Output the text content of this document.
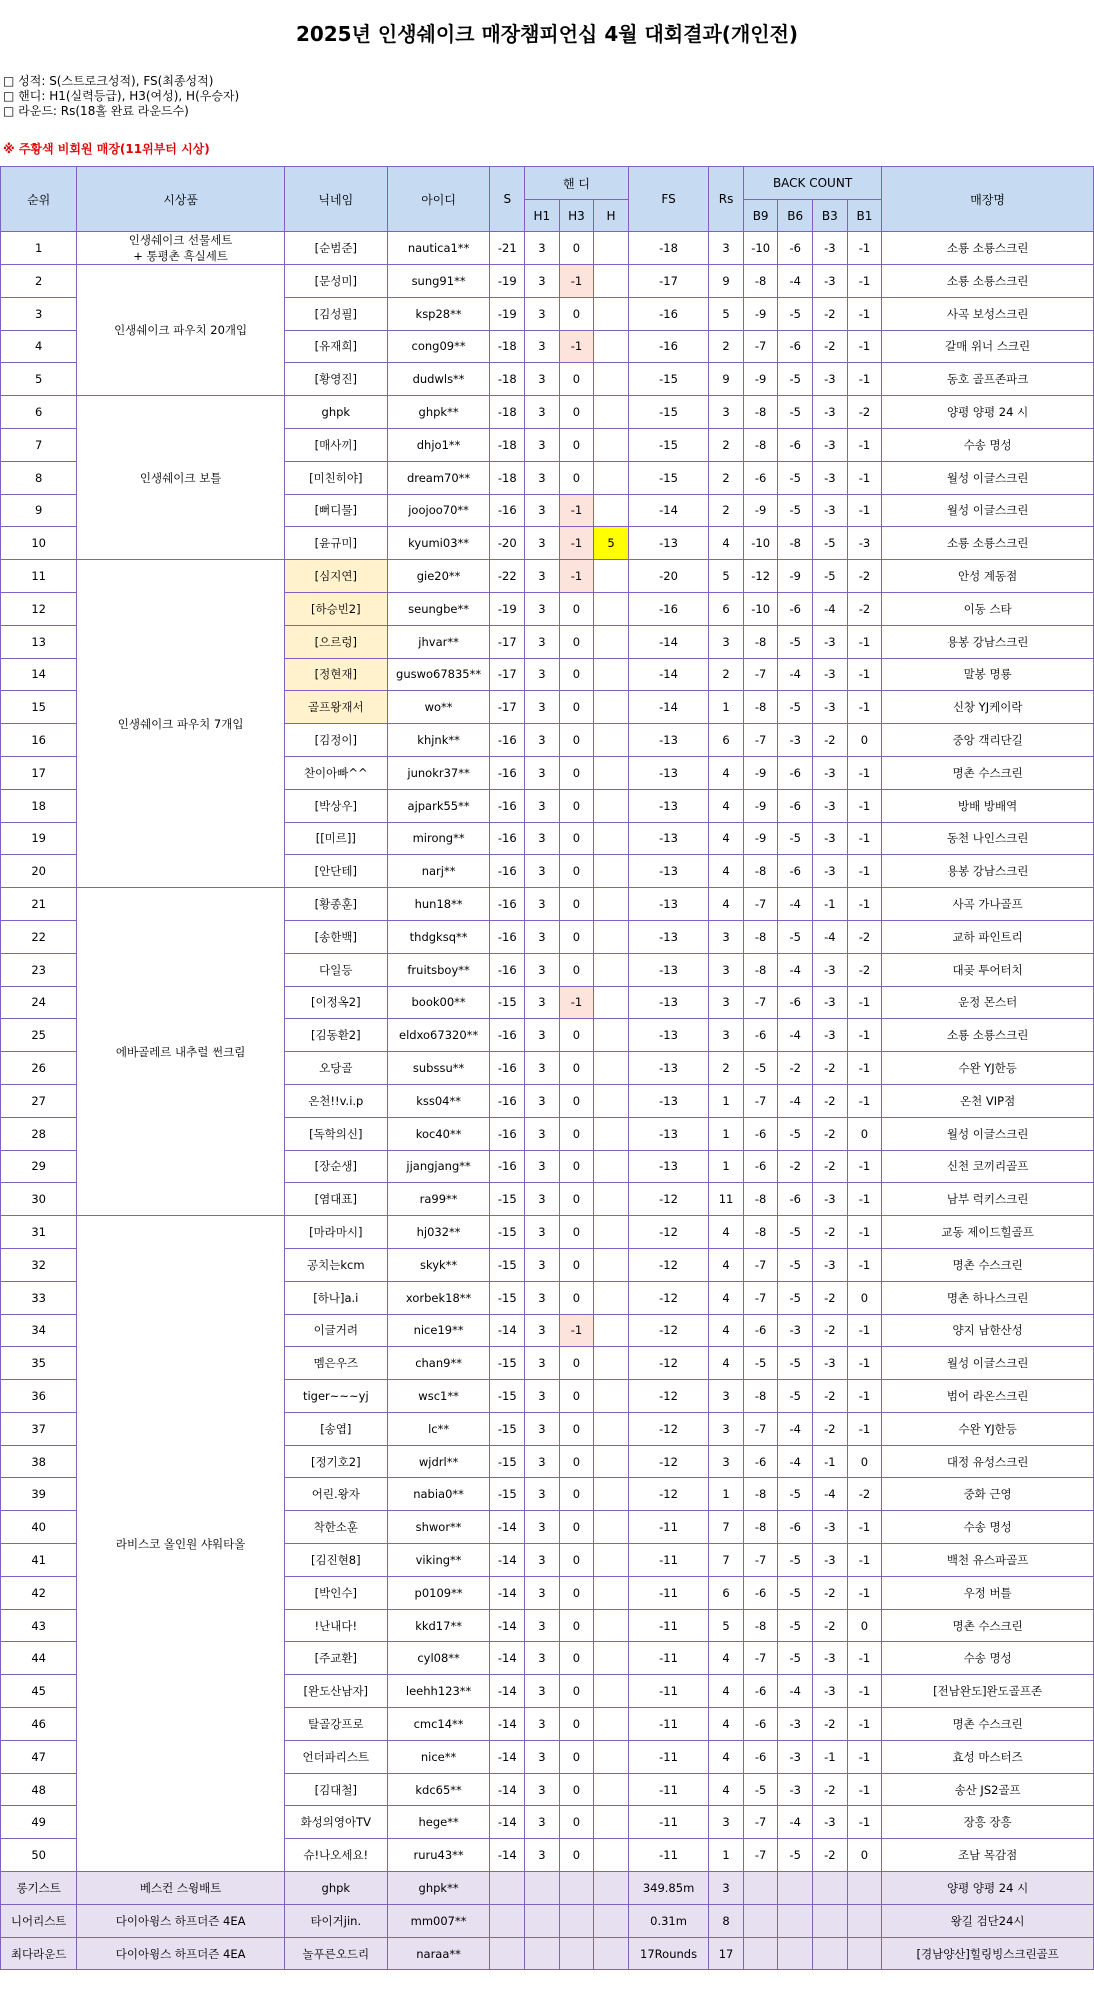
2025년 인생쉐이크 매장챔피언십 4월 대회결과(개인전)
□ 성적: S(스트로크성적), FS(최종성적)
□ 핸디: H1(실력등급), H3(여성), H(우승자)
□ 라운드: Rs(18홀 완료 라운드수)
※ 주황색 비회원 매장(11위부터 시상)
순위	시상품	닉네임	아이디	S	핸 디			FS	Rs	BACK COUNT				매장명
					H1	H3	H			B9	B6	B3	B1	
1	인생쉐이크 선물세트
+ 통평촌 흑실세트	[순범준]	nautica1**	-21	3	0		-18	3	-10	-6	-3	-1	소룡 소룡스크린
2	인생쉐이크 파우치 20개입	[문성미]	sung91**	-19	3	-1		-17	9	-8	-4	-3	-1	소룡 소룡스크린
3		[김성필]	ksp28**	-19	3	0		-16	5	-9	-5	-2	-1	사곡 보성스크린
4		[유재희]	cong09**	-18	3	-1		-16	2	-7	-6	-2	-1	갈매 위너 스크린
5		[황영진]	dudwls**	-18	3	0		-15	9	-9	-5	-3	-1	동호 골프존파크
6	인생쉐이크 보틀	ghpk	ghpk**	-18	3	0		-15	3	-8	-5	-3	-2	양평 양평 24 시
7		[매사끼]	dhjo1**	-18	3	0		-15	2	-8	-6	-3	-1	수송 명성
8		[미친히야]	dream70**	-18	3	0		-15	2	-6	-5	-3	-1	월성 이글스크린
9		[뻐디물]	joojoo70**	-16	3	-1		-14	2	-9	-5	-3	-1	월성 이글스크린
10		[윤규미]	kyumi03**	-20	3	-1	5	-13	4	-10	-8	-5	-3	소룡 소룡스크린
11	인생쉐이크 파우치 7개입	[심지연]	gie20**	-22	3	-1		-20	5	-12	-9	-5	-2	안성 계동점
12		[하승빈2]	seungbe**	-19	3	0		-16	6	-10	-6	-4	-2	이동 스타
13		[으르렁]	jhvar**	-17	3	0		-14	3	-8	-5	-3	-1	용봉 강남스크린
14		[정현재]	guswo67835**	-17	3	0		-14	2	-7	-4	-3	-1	말봉 명룡
15		골프왕재서	wo**	-17	3	0		-14	1	-8	-5	-3	-1	신창 YJ케이락
16		[김정이]	khjnk**	-16	3	0		-13	6	-7	-3	-2	0	중앙 객리단길
17		찬이아빠^^	junokr37**	-16	3	0		-13	4	-9	-6	-3	-1	명촌 수스크린
18		[박상우]	ajpark55**	-16	3	0		-13	4	-9	-6	-3	-1	방배 방배역
19		[[미르]]	mirong**	-16	3	0		-13	4	-9	-5	-3	-1	동천 나인스크린
20		[안단테]	narj**	-16	3	0		-13	4	-8	-6	-3	-1	용봉 강남스크린
21	에바골레르 내추럴 썬크림	[황종훈]	hun18**	-16	3	0		-13	4	-7	-4	-1	-1	사곡 가나골프
22		[송한백]	thdgksq**	-16	3	0		-13	3	-8	-5	-4	-2	교하 파인트리
23		다일등	fruitsboy**	-16	3	0		-13	3	-8	-4	-3	-2	대곶 투어터치
24		[이정옥2]	book00**	-15	3	-1		-13	3	-7	-6	-3	-1	운정 몬스터
25		[김동환2]	eldxo67320**	-16	3	0		-13	3	-6	-4	-3	-1	소룡 소룡스크린
26		오당골	subssu**	-16	3	0		-13	2	-5	-2	-2	-1	수완 YJ한등
27		온천!!v.i.p	kss04**	-16	3	0		-13	1	-7	-4	-2	-1	온천 VIP점
28		[독학의신]	koc40**	-16	3	0		-13	1	-6	-5	-2	0	월성 이글스크린
29		[장순생]	jjangjang**	-16	3	0		-13	1	-6	-2	-2	-1	신천 코끼리골프
30		[염대표]	ra99**	-15	3	0		-12	11	-8	-6	-3	-1	남부 럭키스크린
31	라비스코 올인원 샤워타올	[마라마시]	hj032**	-15	3	0		-12	4	-8	-5	-2	-1	교동 제이드힐골프
32		공치는kcm	skyk**	-15	3	0		-12	4	-7	-5	-3	-1	명촌 수스크린
33		[하나]a.i	xorbek18**	-15	3	0		-12	4	-7	-5	-2	0	명촌 하나스크린
34		이글거려	nice19**	-14	3	-1		-12	4	-6	-3	-2	-1	양지 남한산성
35		멤은우즈	chan9**	-15	3	0		-12	4	-5	-5	-3	-1	월성 이글스크린
36		tiger~~~yj	wsc1**	-15	3	0		-12	3	-8	-5	-2	-1	범어 라온스크린
37		[송엽]	lc**	-15	3	0		-12	3	-7	-4	-2	-1	수완 YJ한등
38		[정기호2]	wjdrl**	-15	3	0		-12	3	-6	-4	-1	0	대정 유성스크린
39		어린.왕자	nabia0**	-15	3	0		-12	1	-8	-5	-4	-2	중화 근영
40		착한소훈	shwor**	-14	3	0		-11	7	-8	-6	-3	-1	수송 명성
41		[김진현8]	viking**	-14	3	0		-11	7	-7	-5	-3	-1	백천 유스파골프
42		[박인수]	p0109**	-14	3	0		-11	6	-6	-5	-2	-1	우정 버틀
43		!난내다!	kkd17**	-14	3	0		-11	5	-8	-5	-2	0	명촌 수스크린
44		[주교환]	cyl08**	-14	3	0		-11	4	-7	-5	-3	-1	수송 명성
45		[완도산남자]	leehh123**	-14	3	0		-11	4	-6	-4	-3	-1	[전남완도]완도골프존
46		탈골강프로	cmc14**	-14	3	0		-11	4	-6	-3	-2	-1	명촌 수스크린
47		언더파리스트	nice**	-14	3	0		-11	4	-6	-3	-1	-1	효성 마스터즈
48		[김대철]	kdc65**	-14	3	0		-11	4	-5	-3	-2	-1	송산 JS2골프
49		화성의영아TV	hege**	-14	3	0		-11	3	-7	-4	-3	-1	장흥 장흥
50		슈!나오세요!	ruru43**	-14	3	0		-11	1	-7	-5	-2	0	조남 목감점
롱기스트	베스컨 스윙배트	ghpk	ghpk**					349.85m	3					양평 양평 24 시
니어리스트	다이아윙스 하프더즌 4EA	타이거jin.	mm007**					0.31m	8					왕길 검단24시
최다라운드	다이아윙스 하프더즌 4EA	놀푸른오드리	naraa**					17Rounds	17					[경남양산]힐링빙스크린골프
